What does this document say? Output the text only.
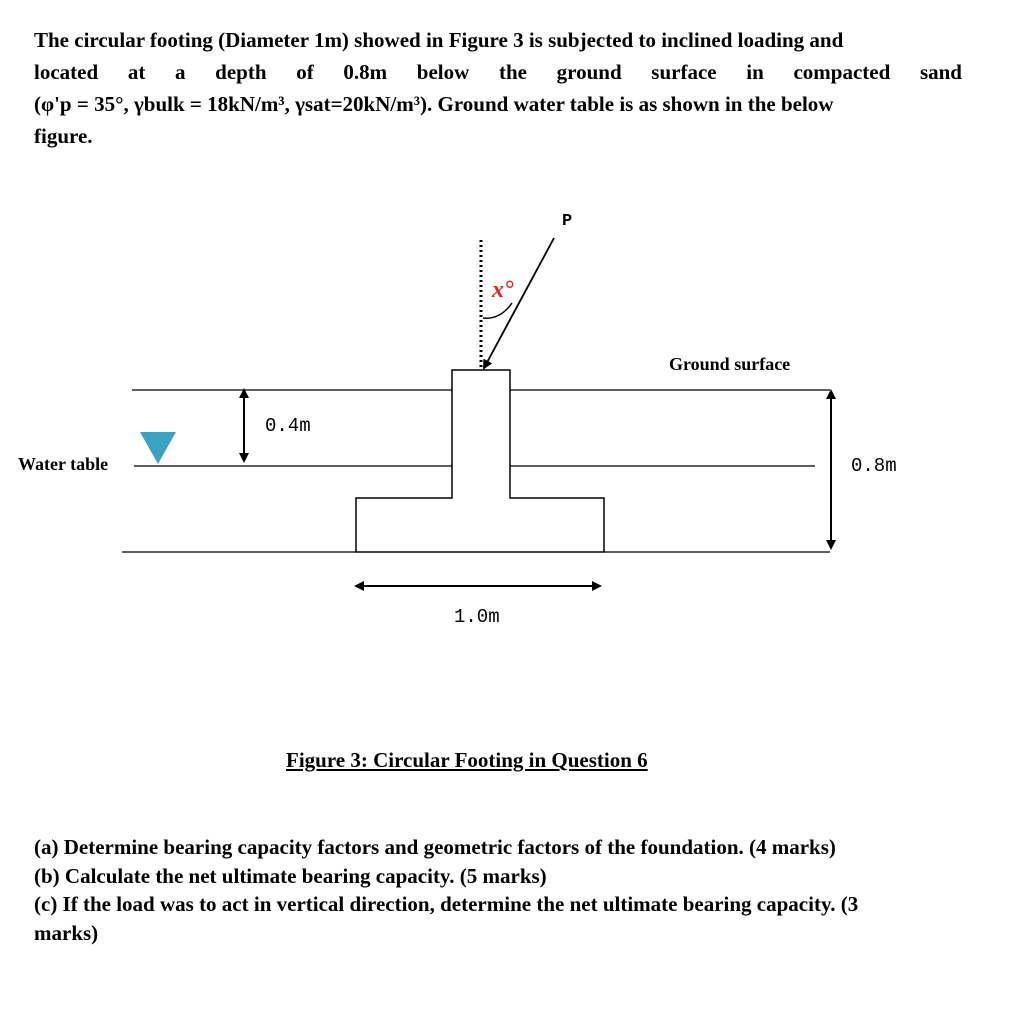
The circular footing (Diameter 1m) showed in Figure 3 is subjected to inclined loading and
located at a depth of 0.8m below the ground surface in compacted sand
(φ'p = 35°, γbulk = 18kN/m³, γsat=20kN/m³). Ground water table is as shown in the below
figure.
P
x°
Ground surface
Water table
0.4m
0.8m
1.0m
Figure 3: Circular Footing in Question 6
(a) Determine bearing capacity factors and geometric factors of the foundation. (4 marks)
(b) Calculate the net ultimate bearing capacity. (5 marks)
(c) If the load was to act in vertical direction, determine the net ultimate bearing capacity. (3 marks)
